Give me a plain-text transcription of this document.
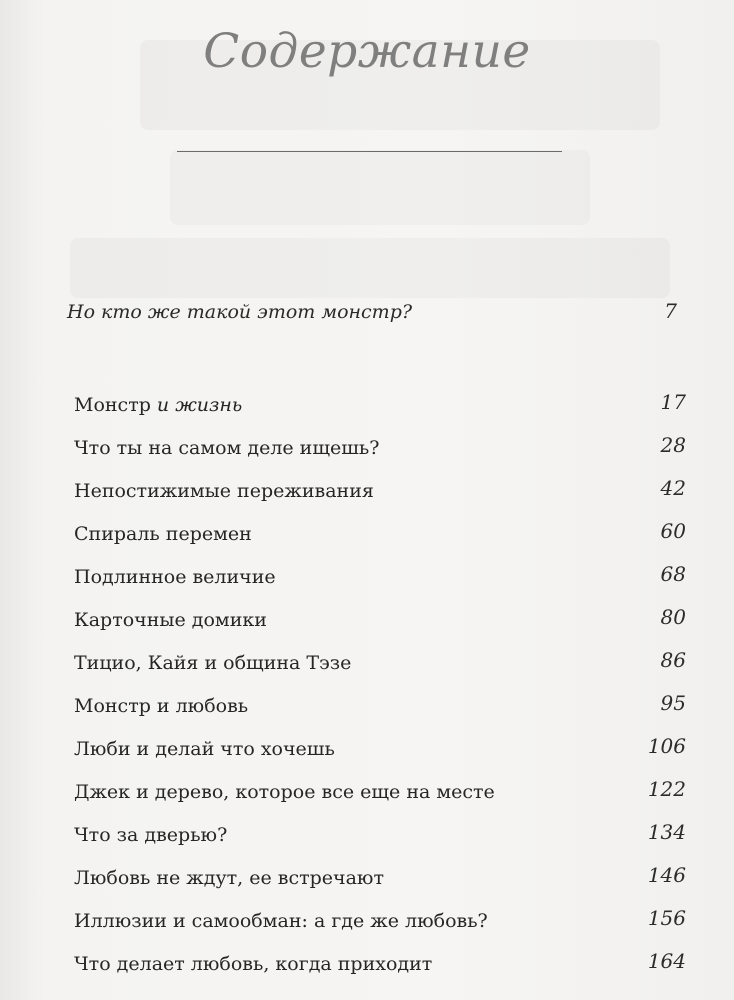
Содержание
Но кто же такой этот монстр?	7
Монстр и жизнь	17
Что ты на самом деле ищешь?	28
Непостижимые переживания	42
Спираль перемен	60
Подлинное величие	68
Карточные домики	80
Тицио, Кайя и община Тэзе	86
Монстр и любовь	95
Люби и делай что хочешь	106
Джек и дерево, которое все еще на месте	122
Что за дверью?	134
Любовь не ждут, ее встречают	146
Иллюзии и самообман: а где же любовь?	156
Что делает любовь, когда приходит	164
